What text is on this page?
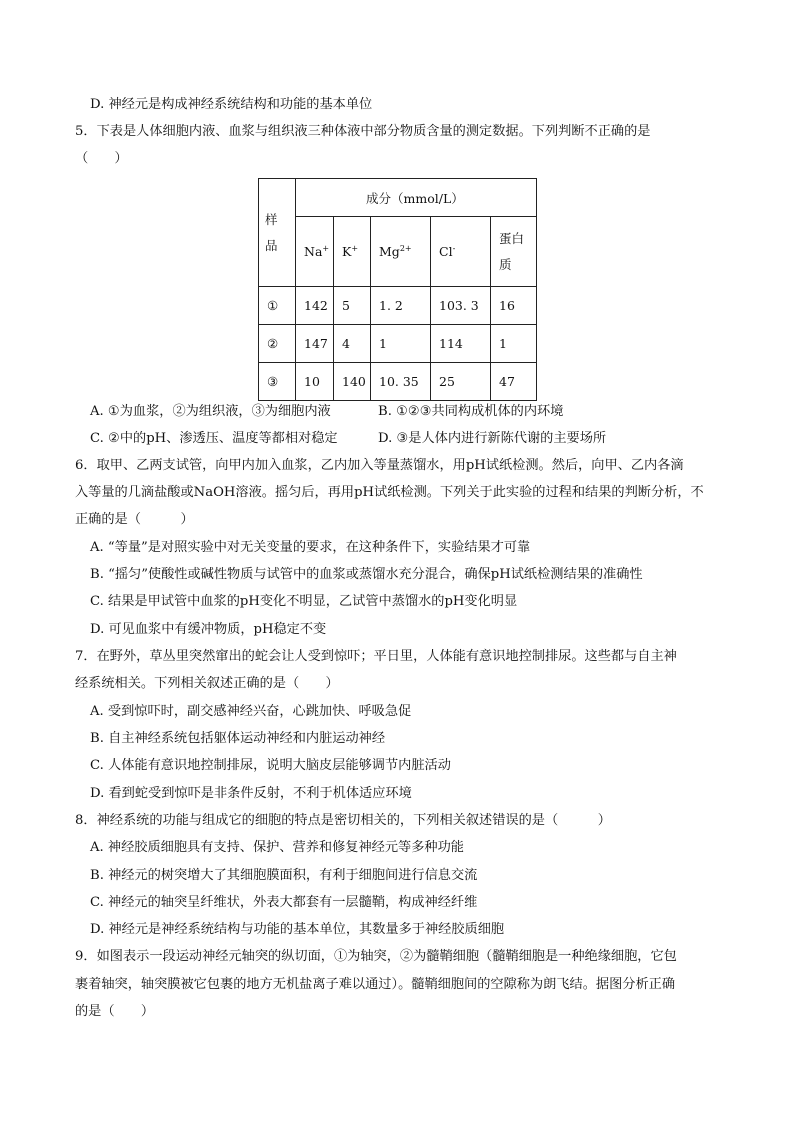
D. 神经元是构成神经系统结构和功能的基本单位
5．下表是人体细胞内液、血浆与组织液三种体液中部分物质含量的测定数据。下列判断不正确的是
（　　）
样
品	成分（mmol/L）				
	Na+	K+	$Mg^{2+}$	Cl-	蛋白
质

①	142	5	1. 2	103. 3	16
②	147	4	1	114	1
③	10	140	10. 35	25	47
A. ①为血浆，②为组织液，③为细胞内液	B. ①②③共同构成机体的内环境
C. ②中的pH、渗透压、温度等都相对稳定	D. ③是人体内进行新陈代谢的主要场所
6．取甲、乙两支试管，向甲内加入血浆，乙内加入等量蒸馏水，用pH试纸检测。然后，向甲、乙内各滴
入等量的几滴盐酸或NaOH溶液。摇匀后，再用pH试纸检测。下列关于此实验的过程和结果的判断分析，不
正确的是（　　　）
A. “等量”是对照实验中对无关变量的要求，在这种条件下，实验结果才可靠
B. “摇匀”使酸性或碱性物质与试管中的血浆或蒸馏水充分混合，确保pH试纸检测结果的准确性
C. 结果是甲试管中血浆的pH变化不明显，乙试管中蒸馏水的pH变化明显
D. 可见血浆中有缓冲物质，pH稳定不变
7．在野外，草丛里突然窜出的蛇会让人受到惊吓；平日里，人体能有意识地控制排尿。这些都与自主神
经系统相关。下列相关叙述正确的是（　　）
A. 受到惊吓时，副交感神经兴奋，心跳加快、呼吸急促
B. 自主神经系统包括躯体运动神经和内脏运动神经
C. 人体能有意识地控制排尿，说明大脑皮层能够调节内脏活动
D. 看到蛇受到惊吓是非条件反射，不利于机体适应环境
8．神经系统的功能与组成它的细胞的特点是密切相关的，下列相关叙述错误的是（　　　）
A. 神经胶质细胞具有支持、保护、营养和修复神经元等多种功能
B. 神经元的树突增大了其细胞膜面积，有利于细胞间进行信息交流
C. 神经元的轴突呈纤维状，外表大都套有一层髓鞘，构成神经纤维
D. 神经元是神经系统结构与功能的基本单位，其数量多于神经胶质细胞
9．如图表示一段运动神经元轴突的纵切面，①为轴突，②为髓鞘细胞（髓鞘细胞是一种绝缘细胞，它包
裹着轴突，轴突膜被它包裹的地方无机盐离子难以通过）。髓鞘细胞间的空隙称为朗飞结。据图分析正确
的是（　　）
